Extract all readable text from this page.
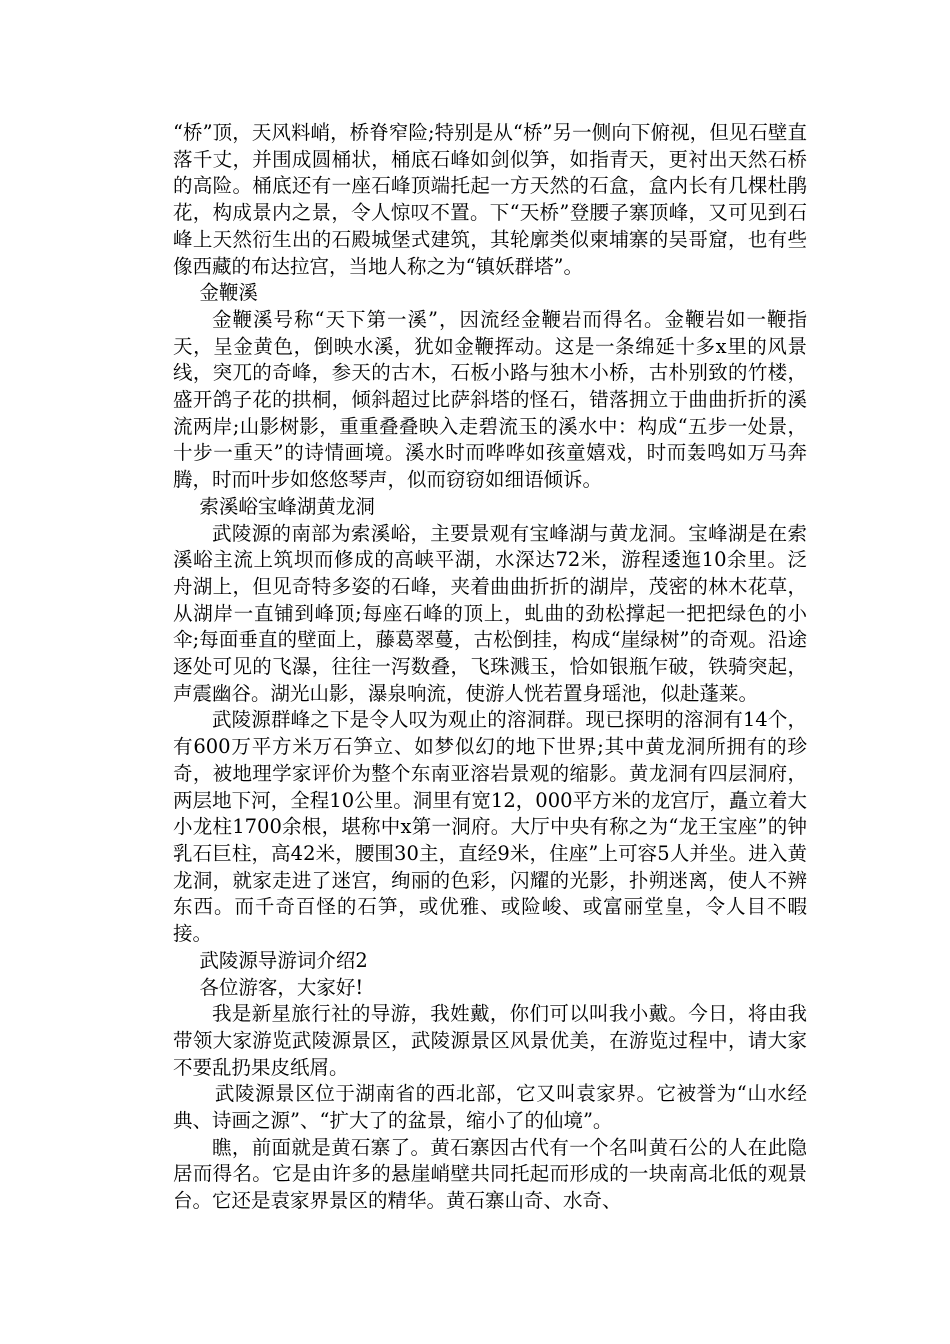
“桥”顶，天风料峭，桥脊窄险;特别是从“桥”另一侧向下俯视，但见石壁直落千丈，并围成圆桶状，桶底石峰如剑似笋，如指青天，更衬出天然石桥的高险。桶底还有一座石峰顶端托起一方天然的石盒，盒内长有几棵杜鹃花，构成景内之景，令人惊叹不置。下“天桥”登腰子寨顶峰，又可见到石峰上天然衍生出的石殿城堡式建筑，其轮廓类似柬埔寨的吴哥窟，也有些像西藏的布达拉宫，当地人称之为“镇妖群塔”。

金鞭溪

金鞭溪号称“天下第一溪”，因流经金鞭岩而得名。金鞭岩如一鞭指天，呈金黄色，倒映水溪，犹如金鞭挥动。这是一条绵延十多x里的风景线，突兀的奇峰，参天的古木，石板小路与独木小桥，古朴别致的竹楼，盛开鸽子花的拱桐，倾斜超过比萨斜塔的怪石，错落拥立于曲曲折折的溪流两岸;山影树影，重重叠叠映入走碧流玉的溪水中：构成“五步一处景，十步一重天”的诗情画境。溪水时而哗哗如孩童嬉戏，时而轰鸣如万马奔腾，时而叶步如悠悠琴声，似而窃窃如细语倾诉。

索溪峪宝峰湖黄龙洞

武陵源的南部为索溪峪，主要景观有宝峰湖与黄龙洞。宝峰湖是在索溪峪主流上筑坝而修成的高峡平湖，水深达72米，游程逶迤10余里。泛舟湖上，但见奇特多姿的石峰，夹着曲曲折折的湖岸，茂密的林木花草，从湖岸一直铺到峰顶;每座石峰的顶上，虬曲的劲松撑起一把把绿色的小伞;每面垂直的壁面上，藤葛翠蔓，古松倒挂，构成“崖绿树”的奇观。沿途逐处可见的飞瀑，往往一泻数叠，飞珠溅玉，恰如银瓶乍破，铁骑突起，声震幽谷。湖光山影，瀑泉响流，使游人恍若置身瑶池，似赴蓬莱。

武陵源群峰之下是令人叹为观止的溶洞群。现已探明的溶洞有14个，有600万平方米万石笋立、如梦似幻的地下世界;其中黄龙洞所拥有的珍奇，被地理学家评价为整个东南亚溶岩景观的缩影。黄龙洞有四层洞府，两层地下河，全程10公里。洞里有宽12，000平方米的龙宫厅，矗立着大小龙柱1700余根，堪称中x第一洞府。大厅中央有称之为“龙王宝座”的钟乳石巨柱，高42米，腰围30主，直经9米，住座”上可容5人并坐。进入黄龙洞，就家走进了迷宫，绚丽的色彩，闪耀的光影，扑朔迷离，使人不辨东西。而千奇百怪的石笋，或优雅、或险峻、或富丽堂皇，令人目不暇接。

武陵源导游词介绍2

各位游客，大家好!

我是新星旅行社的导游，我姓戴，你们可以叫我小戴。今日，将由我带领大家游览武陵源景区，武陵源景区风景优美，在游览过程中，请大家不要乱扔果皮纸屑。

武陵源景区位于湖南省的西北部，它又叫袁家界。它被誉为“山水经典、诗画之源”、“扩大了的盆景，缩小了的仙境”。

瞧，前面就是黄石寨了。黄石寨因古代有一个名叫黄石公的人在此隐居而得名。它是由许多的悬崖峭壁共同托起而形成的一块南高北低的观景台。它还是袁家界景区的精华。黄石寨山奇、水奇、
